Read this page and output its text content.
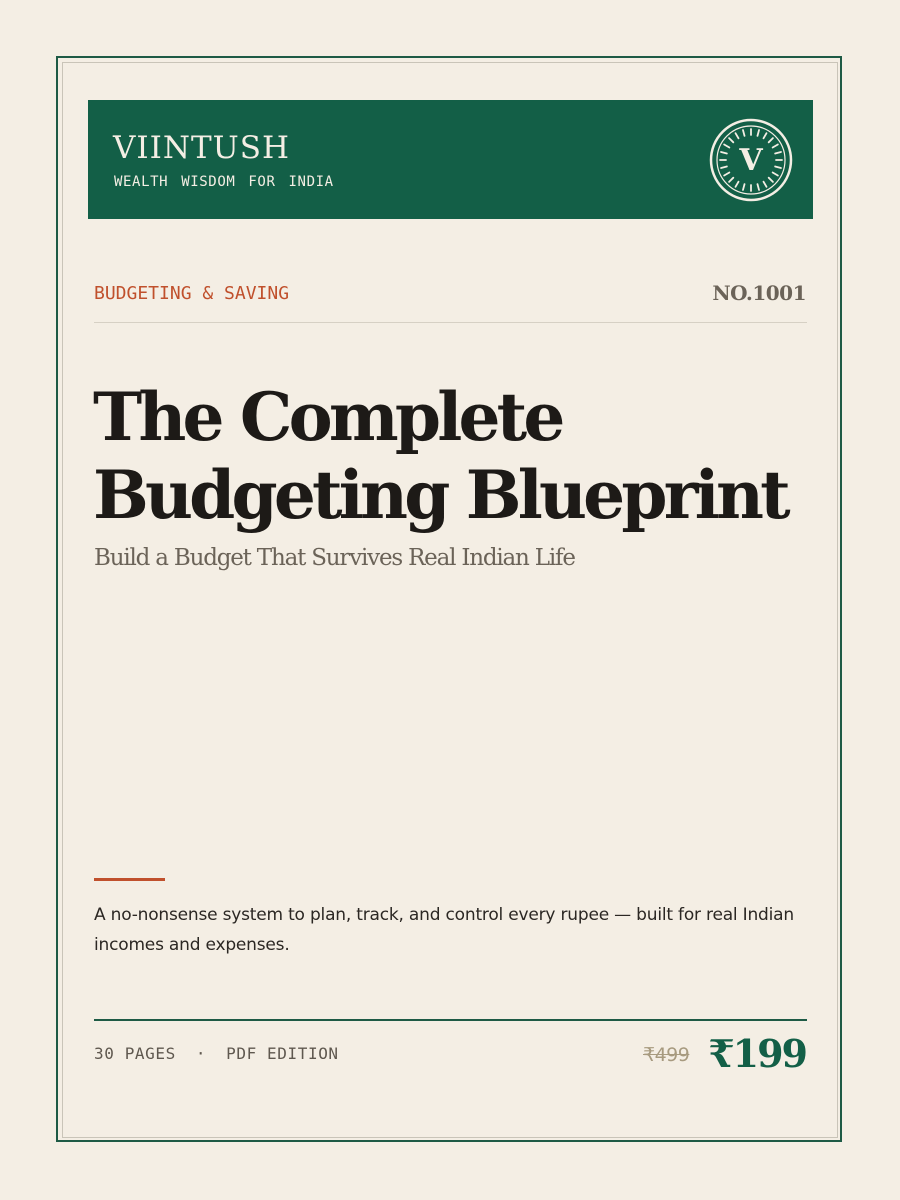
VIINTUSH
WEALTH WISDOM FOR INDIA
V
BUDGETING & SAVING	NO.1001
The Complete
Budgeting Blueprint
Build a Budget That Survives Real Indian Life
A no-nonsense system to plan, track, and control every rupee — built for real Indian incomes and expenses.
30 PAGES · PDF EDITION	₹499 ₹199
